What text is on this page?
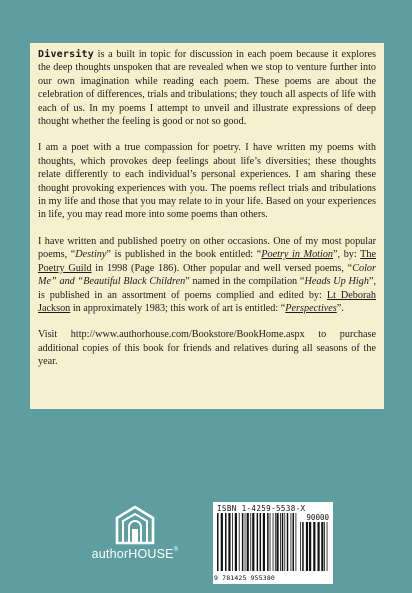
Diversity is a built in topic for discussion in each poem because it explores the deep thoughts unspoken that are revealed when we stop to venture further into our own imagination while reading each poem. These poems are about the celebration of differences, trials and tribulations; they touch all aspects of life with each of us. In my poems I attempt to unveil and illustrate expressions of deep thought whether the feeling is good or not so good.

I am a poet with a true compassion for poetry. I have written my poems with thoughts, which provokes deep feelings about life’s diversities; these thoughts relate differently to each individual’s personal experiences. I am sharing these thought provoking experiences with you. The poems reflect trials and tribulations in my life and those that you may relate to in your life. Based on your experiences in life, you may read more into some poems than others.

I have written and published poetry on other occasions. One of my most popular poems, “Destiny” is published in the book entitled: “Poetry in Motion”, by: The Poetry Guild in 1998 (Page 186). Other popular and well versed poems, “Color Me” and “Beautiful Black Children” named in the compilation “Heads Up High”, is published in an assortment of poems complied and edited by: Lt Deborah Jackson in approximately 1983; this work of art is entitled: “Perspectives”.

Visit http://www.authorhouse.com/Bookstore/BookHome.aspx to purchase additional copies of this book for friends and relatives during all seasons of the year.

authorHOUSE®
ISBN 1-4259-5538-X
90000
9 781425 955380
